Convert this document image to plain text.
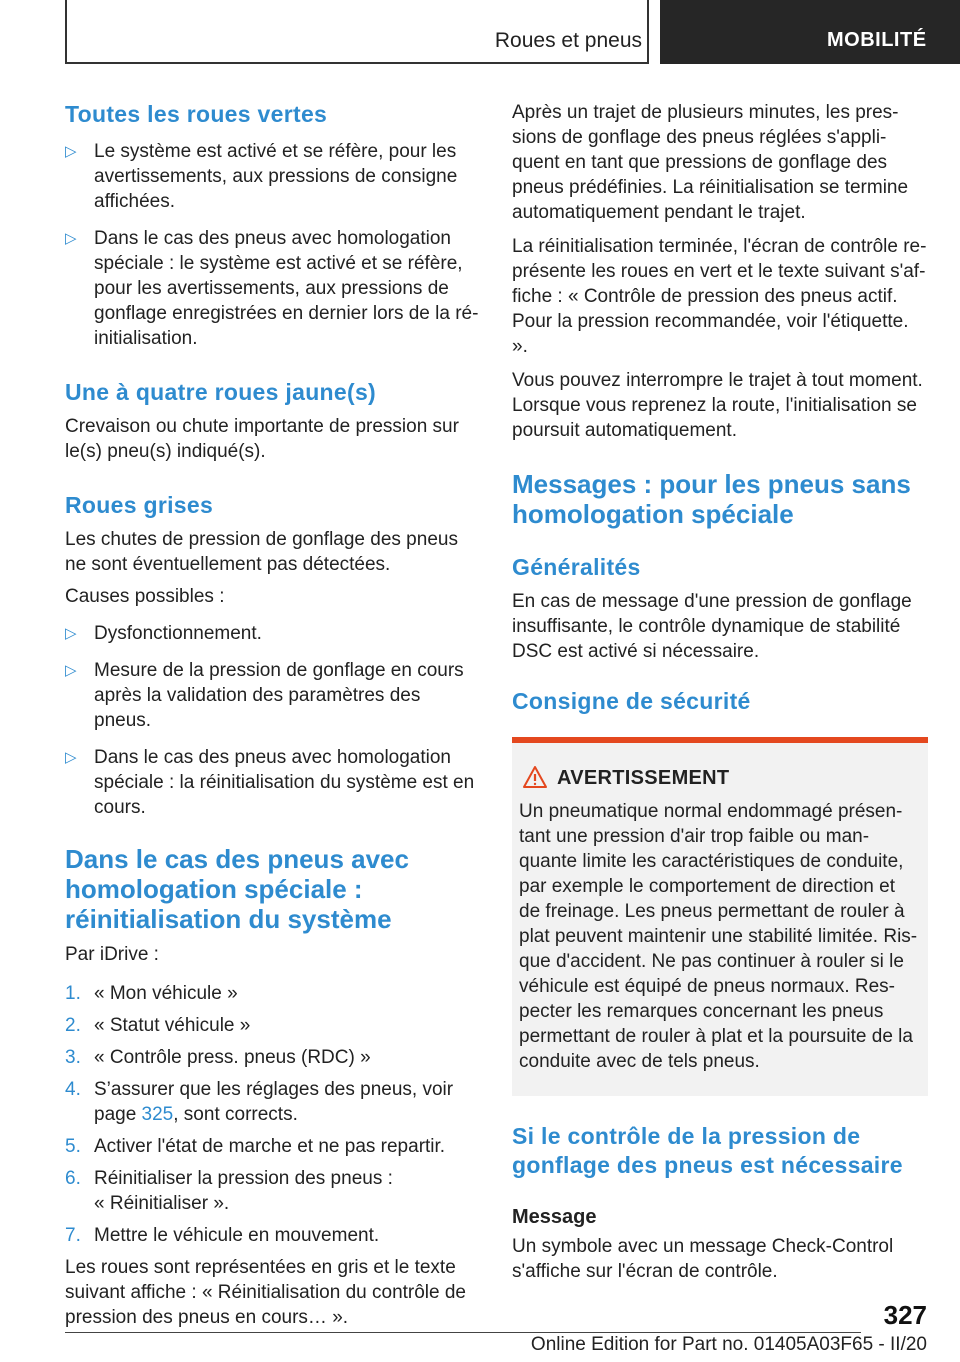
Roues et pneus	MOBILITÉ
Toutes les roues vertes
▷ Le système est activé et se réfère, pour les avertissements, aux pressions de consigne affichées.
▷ Dans le cas des pneus avec homologation spéciale : le système est activé et se réfère, pour les avertissements, aux pressions de gonflage enregistrées en dernier lors de la ré‐initialisation.
Une à quatre roues jaune(s)

Crevaison ou chute importante de pression sur le(s) pneu(s) indiqué(s).

Roues grises

Les chutes de pression de gonflage des pneus ne sont éventuellement pas détectées.

Causes possibles :

▷ Dysfonctionnement.
▷ Mesure de la pression de gonflage en cours après la validation des paramètres des pneus.
▷ Dans le cas des pneus avec homologation spéciale : la réinitialisation du système est en cours.
Dans le cas des pneus avec homologation spéciale : réinitialisation du système

Par iDrive :

1. « Mon véhicule »
2. « Statut véhicule »
3. « Contrôle press. pneus (RDC) »
4. S’assurer que les réglages des pneus, voir page 325, sont corrects.
5. Activer l'état de marche et ne pas repartir.
6. Réinitialiser la pression des pneus :
« Réinitialiser ».
7. Mettre le véhicule en mouvement.

Les roues sont représentées en gris et le texte suivant affiche : « Réinitialisation du contrôle de pression des pneus en cours… ».

Après un trajet de plusieurs minutes, les pres‐sions de gonflage des pneus réglées s'appli‐quent en tant que pressions de gonflage des pneus prédéfinies. La réinitialisation se termine automatiquement pendant le trajet.

La réinitialisation terminée, l'écran de contrôle re‐présente les roues en vert et le texte suivant s'af‐fiche : « Contrôle de pression des pneus actif. Pour la pression recommandée, voir l'étiquette. ».

Vous pouvez interrompre le trajet à tout moment. Lorsque vous reprenez la route, l'initialisation se poursuit automatiquement.

Messages : pour les pneus sans homologation spéciale
Généralités

En cas de message d'une pression de gonflage insuffisante, le contrôle dynamique de stabilité DSC est activé si nécessaire.

Consigne de sécurité
AVERTISSEMENT

Un pneumatique normal endommagé présen‐tant une pression d'air trop faible ou man‐quante limite les caractéristiques de conduite, par exemple le comportement de direction et de freinage. Les pneus permettant de rouler à plat peuvent maintenir une stabilité limitée. Ris‐que d'accident. Ne pas continuer à rouler si le véhicule est équipé de pneus normaux. Res‐pecter les remarques concernant les pneus permettant de rouler à plat et la poursuite de la conduite avec de tels pneus.

Si le contrôle de la pression de gonflage des pneus est nécessaire
Message

Un symbole avec un message Check-Control s'affiche sur l'écran de contrôle.

327
Online Edition for Part no. 01405A03F65 - II/20
